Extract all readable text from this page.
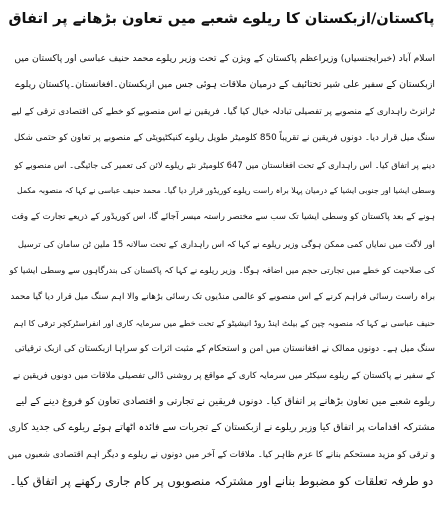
پاکستان/ازبکستان کا ریلوے شعبے میں تعاون بڑھانے پر اتفاق
اسلام آباد (خبرایجنسیاں) وزیراعظم پاکستان کے ویژن کے تحت وزیر ریلوے محمد حنیف عباسی اور پاکستان میں
ازبکستان کے سفیر علی شیر تختائیف کے درمیان ملاقات ہوئی جس میں ازبکستان۔افغانستان۔پاکستان ریلوے
ٹرانزٹ راہداری کے منصوبے پر تفصیلی تبادلہ خیال کیا گیا۔ فریقین نے اس منصوبے کو خطے کی اقتصادی ترقی کے لیے
سنگ میل قرار دیا۔ دونوں فریقین نے تقریباً 850 کلومیٹر طویل ریلوے کنیکٹیویٹی کے منصوبے پر تعاون کو حتمی شکل
دینے پر اتفاق کیا۔ اس راہداری کے تحت افغانستان میں 647 کلومیٹر نئے ریلوے لائن کی تعمیر کی جائیگی۔ اس منصوبے کو
وسطی ایشیا اور جنوبی ایشیا کے درمیان پہلا براہ راست ریلوے کوریڈور قرار دیا گیا۔ محمد حنیف عباسی نے کہا کہ منصوبہ مکمل
ہونے کے بعد پاکستان کو وسطی ایشیا تک سب سے مختصر راستہ میسر آجائے گا، اس کوریڈور کے ذریعے تجارت کے وقت
اور لاگت میں نمایاں کمی ممکن ہوگی وزیر ریلوے نے کہا کہ اس راہداری کے تحت سالانہ 15 ملین ٹن سامان کی ترسیل
کی صلاحیت کو خطے میں تجارتی حجم میں اضافہ ہوگا۔ وزیر ریلوے نے کہا کہ پاکستان کی بندرگاہوں سے وسطی ایشیا کو
براہ راست رسائی فراہم کرنے کے اس منصوبے کو عالمی منڈیوں تک رسائی بڑھانے والا اہم سنگ میل قرار دیا گیا محمد
حنیف عباسی نے کہا کہ منصوبہ چین کے بیلٹ اینڈ روڈ انیشیٹو کے تحت خطے میں سرمایہ کاری اور انفراسٹرکچر ترقی کا اہم
سنگ میل ہے۔ دونوں ممالک نے افغانستان میں امن و استحکام کے مثبت اثرات کو سراہا ازبکستان کی ازبک ترقیاتی
کے سفیر نے پاکستان کے ریلوے سیکٹر میں سرمایہ کاری کے مواقع پر روشنی ڈالی تفصیلی ملاقات میں دونوں فریقین نے
ریلوے شعبے میں تعاون بڑھانے پر اتفاق کیا۔ دونوں فریقین نے تجارتی و اقتصادی تعاون کو فروغ دینے کے لیے
مشترکہ اقدامات پر اتفاق کیا وزیر ریلوے نے ازبکستان کے تجربات سے فائدہ اٹھاتے ہوئے ریلوے کی جدید کاری
و ترقی کو مزید مستحکم بنانے کا عزم ظاہر کیا۔ ملاقات کے آخر میں دونوں نے ریلوے و دیگر اہم اقتصادی شعبوں میں
دو طرفہ تعلقات کو مضبوط بنانے اور مشترکہ منصوبوں پر کام جاری رکھنے پر اتفاق کیا۔
